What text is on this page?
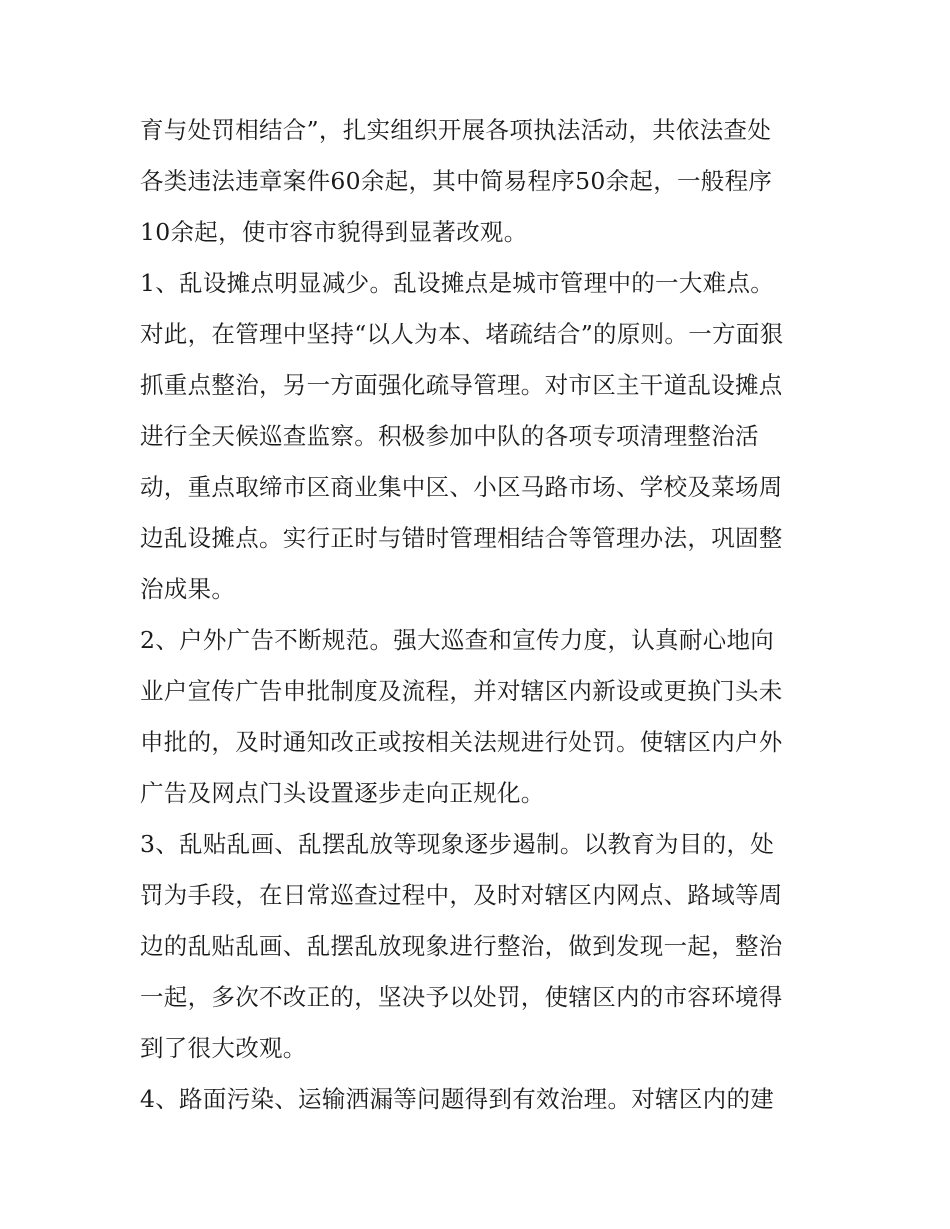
育与处罚相结合”，扎实组织开展各项执法活动，共依法查处
各类违法违章案件60余起，其中简易程序50余起，一般程序
10余起，使市容市貌得到显著改观。
1、乱设摊点明显减少。乱设摊点是城市管理中的一大难点。
对此，在管理中坚持“以人为本、堵疏结合”的原则。一方面狠
抓重点整治，另一方面强化疏导管理。对市区主干道乱设摊点
进行全天候巡查监察。积极参加中队的各项专项清理整治活
动，重点取缔市区商业集中区、小区马路市场、学校及菜场周
边乱设摊点。实行正时与错时管理相结合等管理办法，巩固整
治成果。
2、户外广告不断规范。强大巡查和宣传力度，认真耐心地向
业户宣传广告申批制度及流程，并对辖区内新设或更换门头未
申批的，及时通知改正或按相关法规进行处罚。使辖区内户外
广告及网点门头设置逐步走向正规化。
3、乱贴乱画、乱摆乱放等现象逐步遏制。以教育为目的，处
罚为手段，在日常巡查过程中，及时对辖区内网点、路域等周
边的乱贴乱画、乱摆乱放现象进行整治，做到发现一起，整治
一起，多次不改正的，坚决予以处罚，使辖区内的市容环境得
到了很大改观。
4、路面污染、运输洒漏等问题得到有效治理。对辖区内的建
